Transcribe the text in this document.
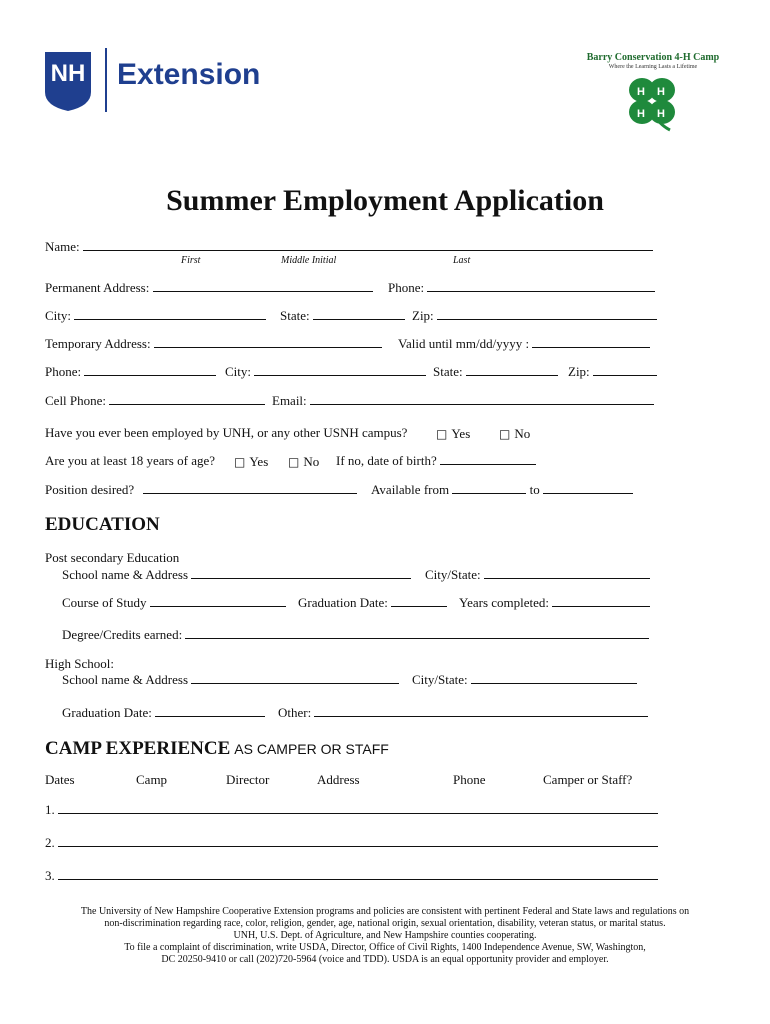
NH Extension
Barry Conservation 4-H Camp
Where the Learning Lasts a Lifetime
H H
H H
Summer Employment Application
Name:
First	Middle Initial	Last
Permanent Address:	Phone:
City:	State:	Zip:
Temporary Address:	Valid until mm/dd/yyyy :
Phone:	City:	State:	Zip:
Cell Phone:	Email:
Have you ever been employed by UNH, or any other USNH campus? □ Yes □ No
Are you at least 18 years of age? □ Yes □ No If no, date of birth?
Position desired?	Available from	to
EDUCATION
Post secondary Education
School name & Address	City/State:
Course of Study	Graduation Date:	Years completed:
Degree/Credits earned:
High School:
School name & Address	City/State:
Graduation Date:	Other:
CAMP EXPERIENCE AS CAMPER OR STAFF
Dates	Camp	Director	Address	Phone	Camper or Staff?
1.
2.
3.
The University of New Hampshire Cooperative Extension programs and policies are consistent with pertinent Federal and State laws and regulations on
non-discrimination regarding race, color, religion, gender, age, national origin, sexual orientation, disability, veteran status, or marital status.
UNH, U.S. Dept. of Agriculture, and New Hampshire counties cooperating.
To file a complaint of discrimination, write USDA, Director, Office of Civil Rights, 1400 Independence Avenue, SW, Washington,
DC 20250-9410 or call (202)720-5964 (voice and TDD). USDA is an equal opportunity provider and employer.
